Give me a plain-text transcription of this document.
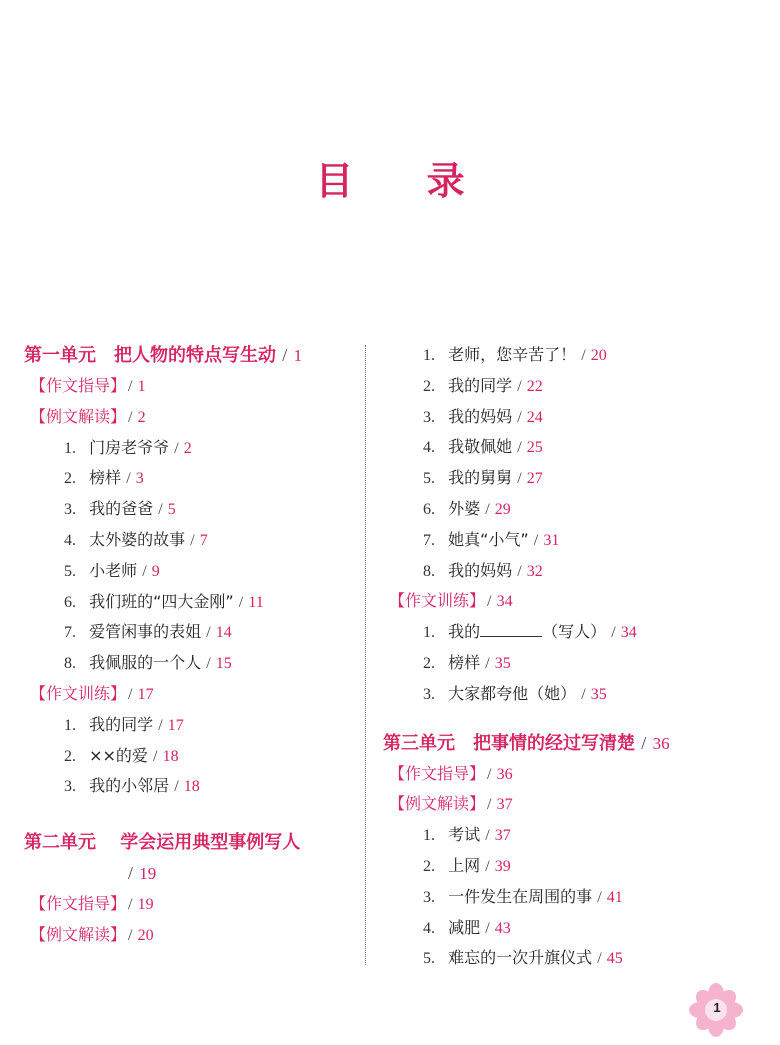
目 录
第一单元　把人物的特点写生动 / 1
【作文指导】 / 1
【例文解读】 / 2
1. 门房老爷爷 / 2
2. 榜样 / 3
3. 我的爸爸 / 5
4. 太外婆的故事 / 7
5. 小老师 / 9
6. 我们班的“四大金刚” / 11
7. 爱管闲事的表姐 / 14
8. 我佩服的一个人 / 15
【作文训练】 / 17
1. 我的同学 / 17
2. ××的爱 / 18
3. 我的小邻居 / 18
第二单元　 学会运用典型事例写人
/ 19
【作文指导】 / 19
【例文解读】 / 20
1. 老师，您辛苦了！ / 20
2. 我的同学 / 22
3. 我的妈妈 / 24
4. 我敬佩她 / 25
5. 我的舅舅 / 27
6. 外婆 / 29
7. 她真“小气” / 31
8. 我的妈妈 / 32
【作文训练】 / 34
1. 我的	（写人） / 34
2. 榜样 / 35
3. 大家都夸他（她） / 35
第三单元　把事情的经过写清楚 / 36
【作文指导】 / 36
【例文解读】 / 37
1. 考试 / 37
2. 上网 / 39
3. 一件发生在周围的事 / 41
4. 减肥 / 43
5. 难忘的一次升旗仪式 / 45
1
